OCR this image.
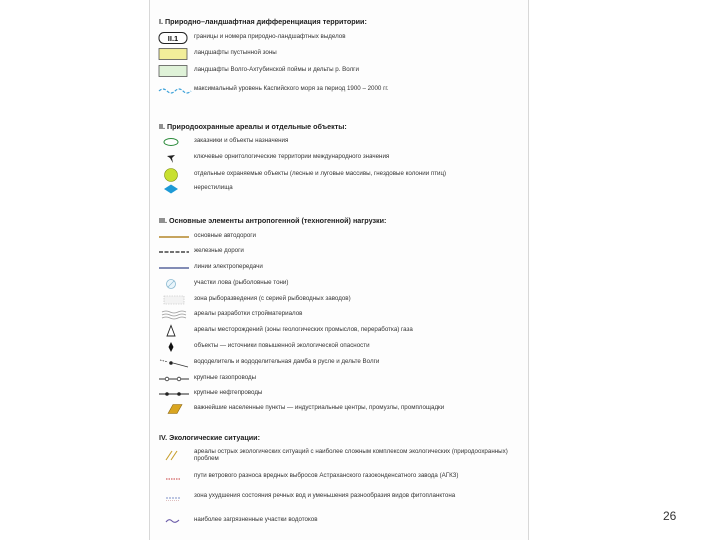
I. Природно–ландшафтная дифференциация территории:
II.1	границы и номера природно-ландшафтных выделов
ландшафты пустынной зоны
ландшафты Волго-Ахтубинской поймы и дельты р. Волги
максимальный уровень Каспийского моря за период 1900 – 2000 гг.
II. Природоохранные ареалы и отдельные объекты:
заказники и объекты назначения
ключевые орнитологические территории международного значения
отдельные охраняемые объекты (лесные и луговые массивы, гнездовые колонии птиц)
нерестилища
III. Основные элементы антропогенной (техногенной) нагрузки:
основные автодороги
железные дороги
линии электропередачи
участки лова (рыболовные тони)
зона рыборазведения (с серией рыбоводных заводов)
ареалы разработки стройматериалов
ареалы месторождений (зоны геологических промыслов, переработка) газа
объекты — источники повышенной экологической опасности
вододелитель и вододелительная дамба в русле и дельте Волги
крупные газопроводы
крупные нефтепроводы
важнейшие населенные пункты — индустриальные центры, промузлы, промплощадки
IV. Экологические ситуации:
ареалы острых экологических ситуаций с наиболее сложным комплексом экологических (природоохранных) проблем
пути ветрового разноса вредных выбросов Астраханского газоконденсатного завода (АГКЗ)
зона ухудшения состояния речных вод и уменьшения разнообразия видов фитопланктона
наиболее загрязненные участки водотоков	26
